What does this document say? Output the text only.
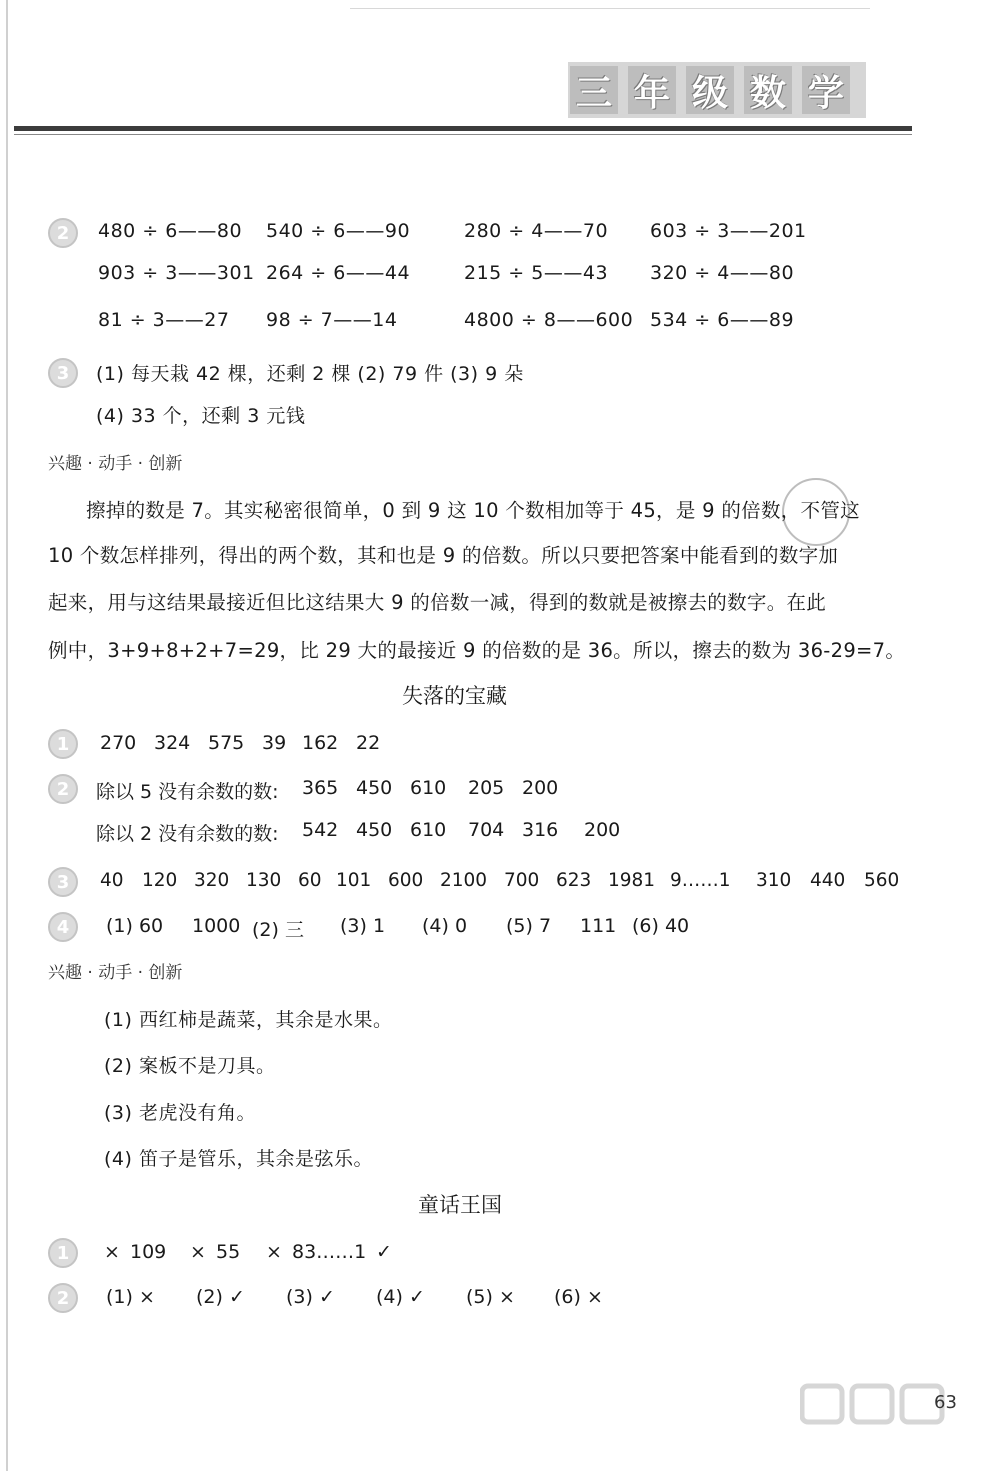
三 年 级 数 学
2	480 ÷ 6——80 540 ÷ 6——90	280 ÷ 4——70 603 ÷ 3——201
903 ÷ 3——301 264 ÷ 6——44	215 ÷ 5——43 320 ÷ 4——80
81 ÷ 3——27 98 ÷ 7——14	4800 ÷ 8——600 534 ÷ 6——89
3	(1) 每天栽 42 棵，还剩 2 棵 (2) 79 件 (3) 9 朵
(4) 33 个，还剩 3 元钱
兴趣 · 动手 · 创新
擦掉的数是 7。其实秘密很简单，0 到 9 这 10 个数相加等于 45，是 9 的倍数，不管这
10 个数怎样排列，得出的两个数，其和也是 9 的倍数。所以只要把答案中能看到的数字加
起来，用与这结果最接近但比这结果大 9 的倍数一减，得到的数就是被擦去的数字。在此
例中，3+9+8+2+7=29，比 29 大的最接近 9 的倍数的是 36。所以，擦去的数为 36-29=7。
失落的宝藏
1	270 324 575 39 162 22
2	除以 5 没有余数的数:	365 450 610	205 200
除以 2 没有余数的数:	542 450 610	704 316	200
3	40 120 320 130 60 101 600 2100 700 623 1981 9……1	310	440	560
4	(1) 60	1000 (2) 三	(3) 1	(4) 0	(5) 7	111 (6) 40
兴趣 · 动手 · 创新

(1) 西红柿是蔬菜，其余是水果。
(2) 案板不是刀具。
(3) 老虎没有角。
(4) 笛子是管乐，其余是弦乐。
童话王国
1	× 109	× 55	× 83……1 ✓
2	(1) ×	(2) ✓	(3) ✓	(4) ✓	(5) ×	(6) ×

63
